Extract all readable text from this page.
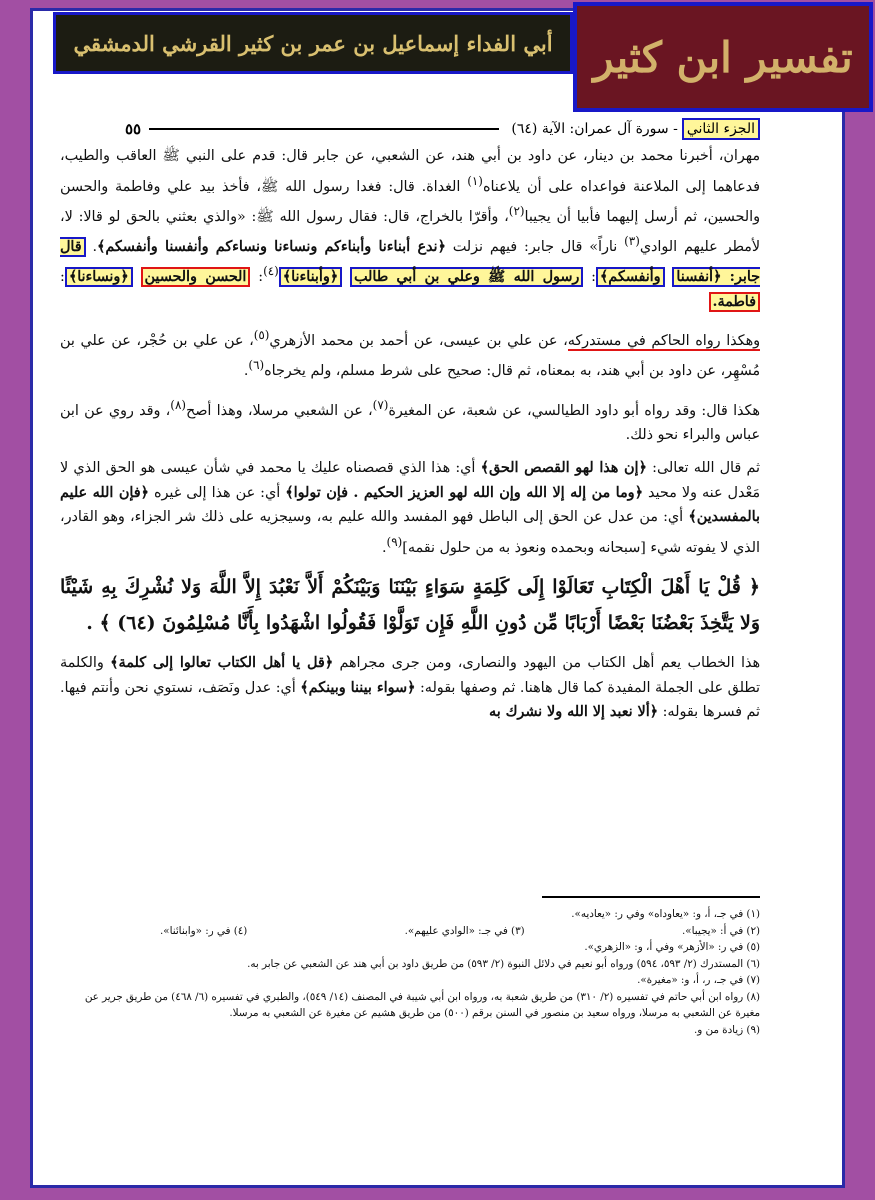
أبي الفداء إسماعيل بن عمر بن كثير القرشي الدمشقي تفسير ابن كثير
الجزء الثاني
- سورة آل عمران: الآية (٦٤)
٥٥

مهران، أخبرنا محمد بن دينار، عن داود بن أبي هند، عن الشعبي، عن جابر قال: قدم على النبي ﷺ العاقب والطيب، فدعاهما إلى الملاعنة فواعداه على أن يلاعناه$^{(١)}$ الغداة. قال: فغدا رسول الله ﷺ، فأخذ بيد علي وفاطمة والحسن والحسين، ثم أرسل إليهما فأبيا أن يجيبا$^{(٢)}$، وأقرّا بالخراج، قال: فقال رسول الله ﷺ: «والذي بعثني بالحق لو قالا: لا، لأمطر عليهم الوادي$^{(٣)}$ ناراً» قال جابر: فيهم نزلت ﴿ندع أبناءنا وأبناءكم ونساءنا ونساءكم وأنفسنا وأنفسكم﴾. قال جابر: ﴿أنفسنا وأنفسكم﴾: رسول الله ﷺ وعلي بن أبي طالب ﴿وأبناءنا﴾$^{(٤)}$: الحسن والحسين ﴿ونساءنا﴾: فاطمة.

وهكذا رواه الحاكم في مستدركه، عن علي بن عيسى، عن أحمد بن محمد الأزهري$^{(٥)}$، عن علي بن حُجْر، عن علي بن مُسْهِر، عن داود بن أبي هند، به بمعناه، ثم قال: صحيح على شرط مسلم، ولم يخرجاه$^{(٦)}$.

هكذا قال: وقد رواه أبو داود الطيالسي، عن شعبة، عن المغيرة$^{(٧)}$، عن الشعبي مرسلا، وهذا أصح$^{(٨)}$، وقد روي عن ابن عباس والبراء نحو ذلك.

ثم قال الله تعالى: ﴿إن هذا لهو القصص الحق﴾ أي: هذا الذي قصصناه عليك يا محمد في شأن عيسى هو الحق الذي لا مَعْدل عنه ولا محيد ﴿وما من إله إلا الله وإن الله لهو العزيز الحكيم . فإن تولوا﴾ أي: عن هذا إلى غيره ﴿فإن الله عليم بالمفسدين﴾ أي: من عدل عن الحق إلى الباطل فهو المفسد والله عليم به، وسيجزيه على ذلك شر الجزاء، وهو القادر، الذي لا يفوته شيء [سبحانه وبحمده ونعوذ به من حلول نقمه]$^{(٩)}$.

﴿ قُلْ يَا أَهْلَ الْكِتَابِ تَعَالَوْا إِلَى كَلِمَةٍ سَوَاءٍ بَيْنَنَا وَبَيْنَكُمْ أَلاَّ نَعْبُدَ إِلاَّ اللَّهَ وَلا نُشْرِكَ بِهِ شَيْئًا وَلا يَتَّخِذَ بَعْضُنَا بَعْضًا أَرْبَابًا مِّن دُونِ اللَّهِ فَإِن تَوَلَّوْا فَقُولُوا اشْهَدُوا بِأَنَّا مُسْلِمُونَ (٦٤) ﴾ .

هذا الخطاب يعم أهل الكتاب من اليهود والنصارى، ومن جرى مجراهم ﴿قل يا أهل الكتاب تعالوا إلى كلمة﴾ والكلمة تطلق على الجملة المفيدة كما قال هاهنا. ثم وصفها بقوله: ﴿سواء بيننا وبينكم﴾ أي: عدل ونَصَف، نستوي نحن وأنتم فيها. ثم فسرها بقوله: ﴿ألا نعبد إلا الله ولا نشرك به

(١) في جـ، أ، و: «يعاوداه» وفي ر: «يعاديه».
(٢) في أ: «يجيبا».
(٣) في جـ: «الوادي عليهم».
(٤) في ر: «وابنائنا».
(٥) في ر: «الأزهر» وفي أ، و: «الزهري».
(٦) المستدرك (٢/ ٥٩٣، ٥٩٤) ورواه أبو نعيم في دلائل النبوة (٢/ ٥٩٣) من طريق داود بن أبي هند عن الشعبي عن جابر به.
(٧) في جـ، ر، أ، و: «مغيرة».
(٨) رواه ابن أبي حاتم في تفسيره (٢/ ٣١٠) من طريق شعبة به، ورواه ابن أبي شيبة في المصنف (١٤/ ٥٤٩)، والطبري في تفسيره (٦/ ٤٦٨) من طريق جرير عن مغيرة عن الشعبي به مرسلا، ورواه سعيد بن منصور في السنن برقم (٥٠٠) من طريق هشيم عن مغيرة عن الشعبي به مرسلا.
(٩) زيادة من و.
